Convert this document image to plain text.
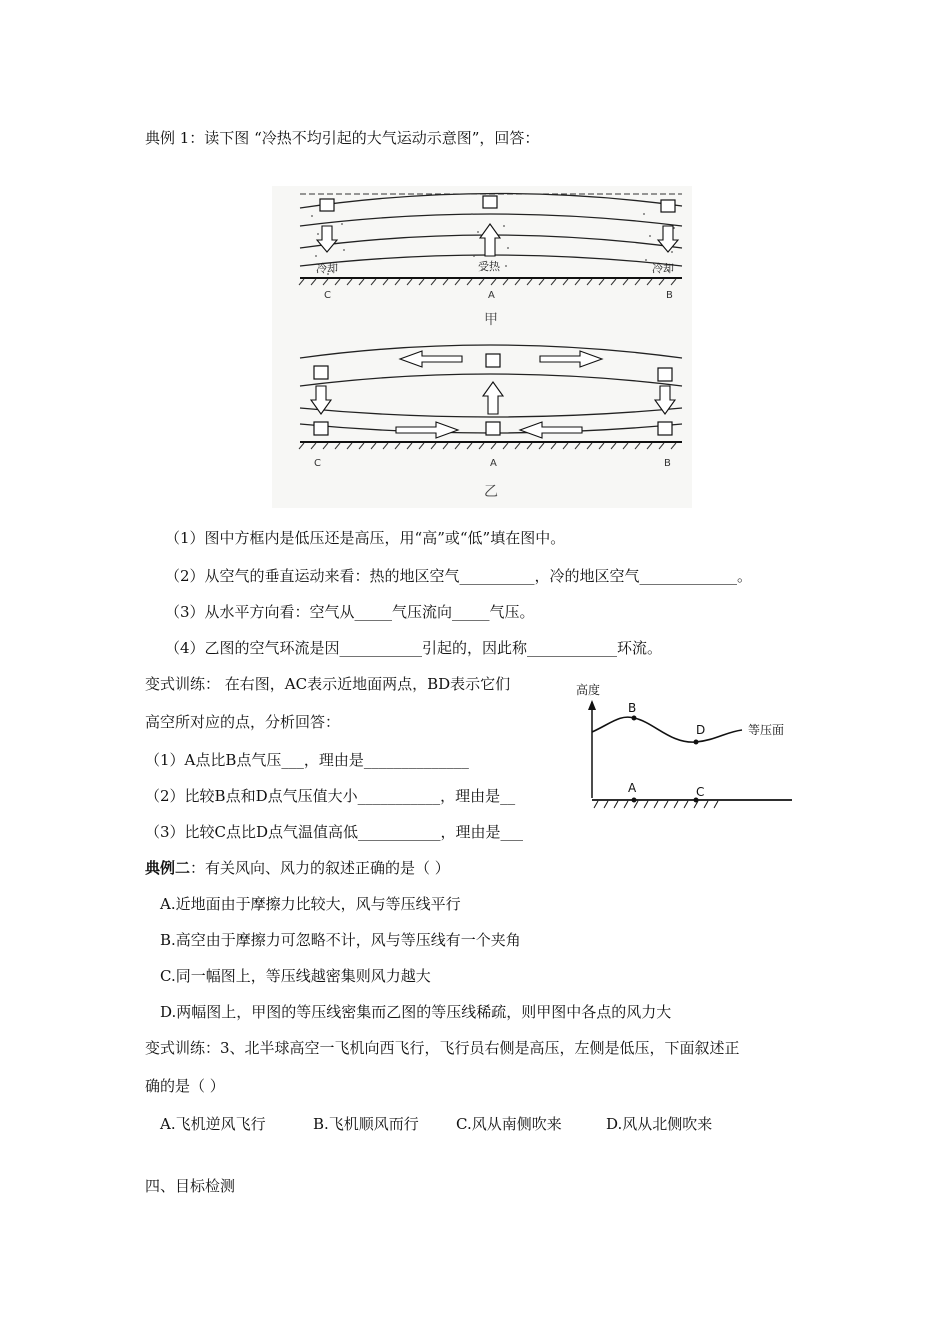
典例 1：读下图 “冷热不均引起的大气运动示意图”，回答：
冷却	受热	冷却
C	A	B
甲
C	A	B
乙
（1）图中方框内是低压还是高压，用“高”或“低”填在图中。
（2）从空气的垂直运动来看：热的地区空气__________，冷的地区空气_____________。
（3）从水平方向看：空气从_____气压流向_____气压。
（4）乙图的空气环流是因___________引起的，因此称____________环流。
变式训练： 在右图，AC表示近地面两点，BD表示它们
高空所对应的点，分析回答：
（1）A点比B点气压___，理由是______________
（2）比较B点和D点气压值大小___________，理由是__
（3）比较C点比D点气温值高低___________，理由是___
高度
B
D	等压面
A	C
典例二：有关风向、风力的叙述正确的是（ ）
A.近地面由于摩擦力比较大，风与等压线平行
B.高空由于摩擦力可忽略不计，风与等压线有一个夹角
C.同一幅图上，等压线越密集则风力越大
D.两幅图上，甲图的等压线密集而乙图的等压线稀疏，则甲图中各点的风力大
变式训练：3、北半球高空一飞机向西飞行，飞行员右侧是高压，左侧是低压，下面叙述正
确的是（ ）
A.飞机逆风飞行	B.飞机顺风而行 C.风从南侧吹来	D.风从北侧吹来
四、目标检测
